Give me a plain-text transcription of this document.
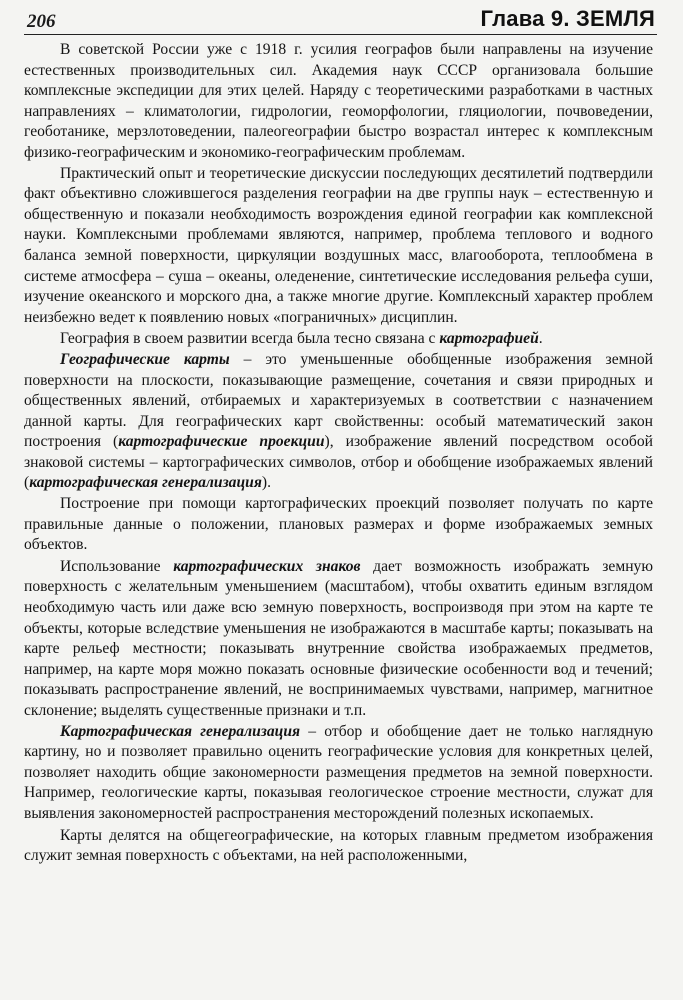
206	Глава 9. ЗЕМЛЯ

В советской России уже с 1918 г. усилия географов были направлены на изучение естественных производительных сил. Академия наук СССР организовала большие комплексные экспедиции для этих целей. Наряду с теоретическими разработками в частных направлениях – климатологии, гидрологии, геоморфологии, гляциологии, почвоведении, геоботанике, мерзлотоведении, палеогеографии быстро возрастал интерес к комплексным физико-географическим и экономико-географическим проблемам.

Практический опыт и теоретические дискуссии последующих десятилетий подтвердили факт объективно сложившегося разделения географии на две группы наук – естественную и общественную и показали необходимость возрождения единой географии как комплексной науки. Комплексными проблемами являются, например, проблема теплового и водного баланса земной поверхности, циркуляции воздушных масс, влагооборота, теплообмена в системе атмосфера – суша – океаны, оледенение, синтетические исследования рельефа суши, изучение океанского и морского дна, а также многие другие. Комплексный характер проблем неизбежно ведет к появлению новых «пограничных» дисциплин.

География в своем развитии всегда была тесно связана с картографией.

Географические карты – это уменьшенные обобщенные изображения земной поверхности на плоскости, показывающие размещение, сочетания и связи природных и общественных явлений, отбираемых и характеризуемых в соответствии с назначением данной карты. Для географических карт свойственны: особый математический закон построения (картографические проекции), изображение явлений посредством особой знаковой системы – картографических символов, отбор и обобщение изображаемых явлений (картографическая генерализация).

Построение при помощи картографических проекций позволяет получать по карте правильные данные о положении, плановых размерах и форме изображаемых земных объектов.

Использование картографических знаков дает возможность изображать земную поверхность с желательным уменьшением (масштабом), чтобы охватить единым взглядом необходимую часть или даже всю земную поверхность, воспроизводя при этом на карте те объекты, которые вследствие уменьшения не изображаются в масштабе карты; показывать на карте рельеф местности; показывать внутренние свойства изображаемых предметов, например, на карте моря можно показать основные физические особенности вод и течений; показывать распространение явлений, не воспринимаемых чувствами, например, магнитное склонение; выделять существенные признаки и т.п.

Картографическая генерализация – отбор и обобщение дает не только наглядную картину, но и позволяет правильно оценить географические условия для конкретных целей, позволяет находить общие закономерности размещения предметов на земной поверхности. Например, геологические карты, показывая геологическое строение местности, служат для выявления закономерностей распространения месторождений полезных ископаемых.

Карты делятся на общегеографические, на которых главным предметом изображения служит земная поверхность с объектами, на ней расположенными,
